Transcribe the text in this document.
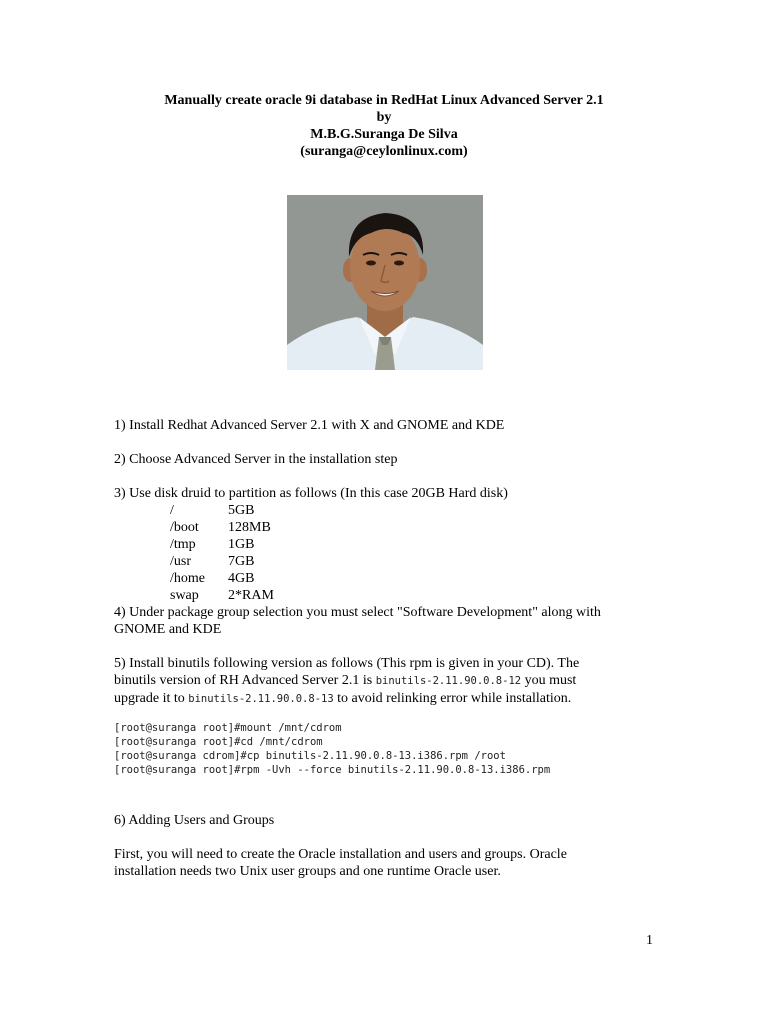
Manually create oracle 9i database in RedHat Linux Advanced Server 2.1
by
M.B.G.Suranga De Silva
(suranga@ceylonlinux.com)

1) Install Redhat Advanced Server 2.1 with X and GNOME and KDE

2) Choose Advanced Server in the installation step

3) Use disk druid to partition as follows (In this case 20GB Hard disk)

/	5GB
/boot	128MB
/tmp	1GB
/usr	7GB
/home	4GB
swap	2*RAM

4) Under package group selection you must select "Software Development" along with

GNOME and KDE

5) Install binutils following version as follows (This rpm is given in your CD). The

binutils version of RH Advanced Server 2.1 is binutils-2.11.90.0.8-12 you must

upgrade it to binutils-2.11.90.0.8-13 to avoid relinking error while installation.

[root@suranga root]#mount /mnt/cdrom

[root@suranga root]#cd /mnt/cdrom

[root@suranga cdrom]#cp binutils-2.11.90.0.8-13.i386.rpm /root

[root@suranga root]#rpm -Uvh --force binutils-2.11.90.0.8-13.i386.rpm

6) Adding Users and Groups

First, you will need to create the Oracle installation and users and groups. Oracle

installation needs two Unix user groups and one runtime Oracle user.

1
